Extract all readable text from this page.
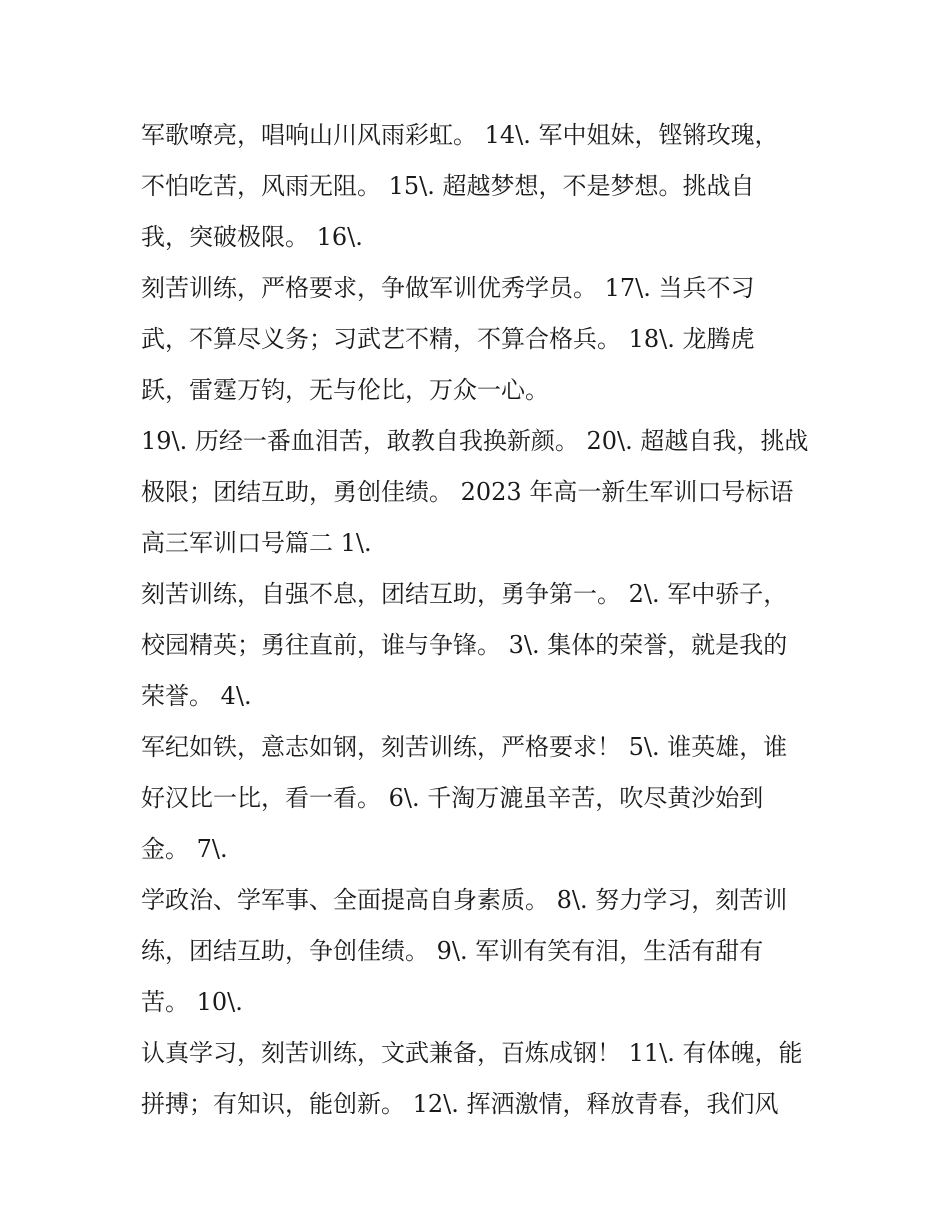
军歌嘹亮，唱响山川风雨彩虹。 14\. 军中姐妹，铿锵玫瑰，
不怕吃苦，风雨无阻。 15\. 超越梦想，不是梦想。挑战自
我，突破极限。 16\.
刻苦训练，严格要求，争做军训优秀学员。 17\. 当兵不习
武，不算尽义务；习武艺不精，不算合格兵。 18\. 龙腾虎
跃，雷霆万钧，无与伦比，万众一心。
19\. 历经一番血泪苦，敢教自我换新颜。 20\. 超越自我，挑战
极限；团结互助，勇创佳绩。 2023 年高一新生军训口号标语
高三军训口号篇二 1\.
刻苦训练，自强不息，团结互助，勇争第一。 2\. 军中骄子，
校园精英；勇往直前，谁与争锋。 3\. 集体的荣誉，就是我的
荣誉。 4\.
军纪如铁，意志如钢，刻苦训练，严格要求！ 5\. 谁英雄，谁
好汉比一比，看一看。 6\. 千淘万漉虽辛苦，吹尽黄沙始到
金。 7\.
学政治、学军事、全面提高自身素质。 8\. 努力学习，刻苦训
练，团结互助，争创佳绩。 9\. 军训有笑有泪，生活有甜有
苦。 10\.
认真学习，刻苦训练，文武兼备，百炼成钢！ 11\. 有体魄，能
拼搏；有知识，能创新。 12\. 挥洒激情，释放青春，我们风
